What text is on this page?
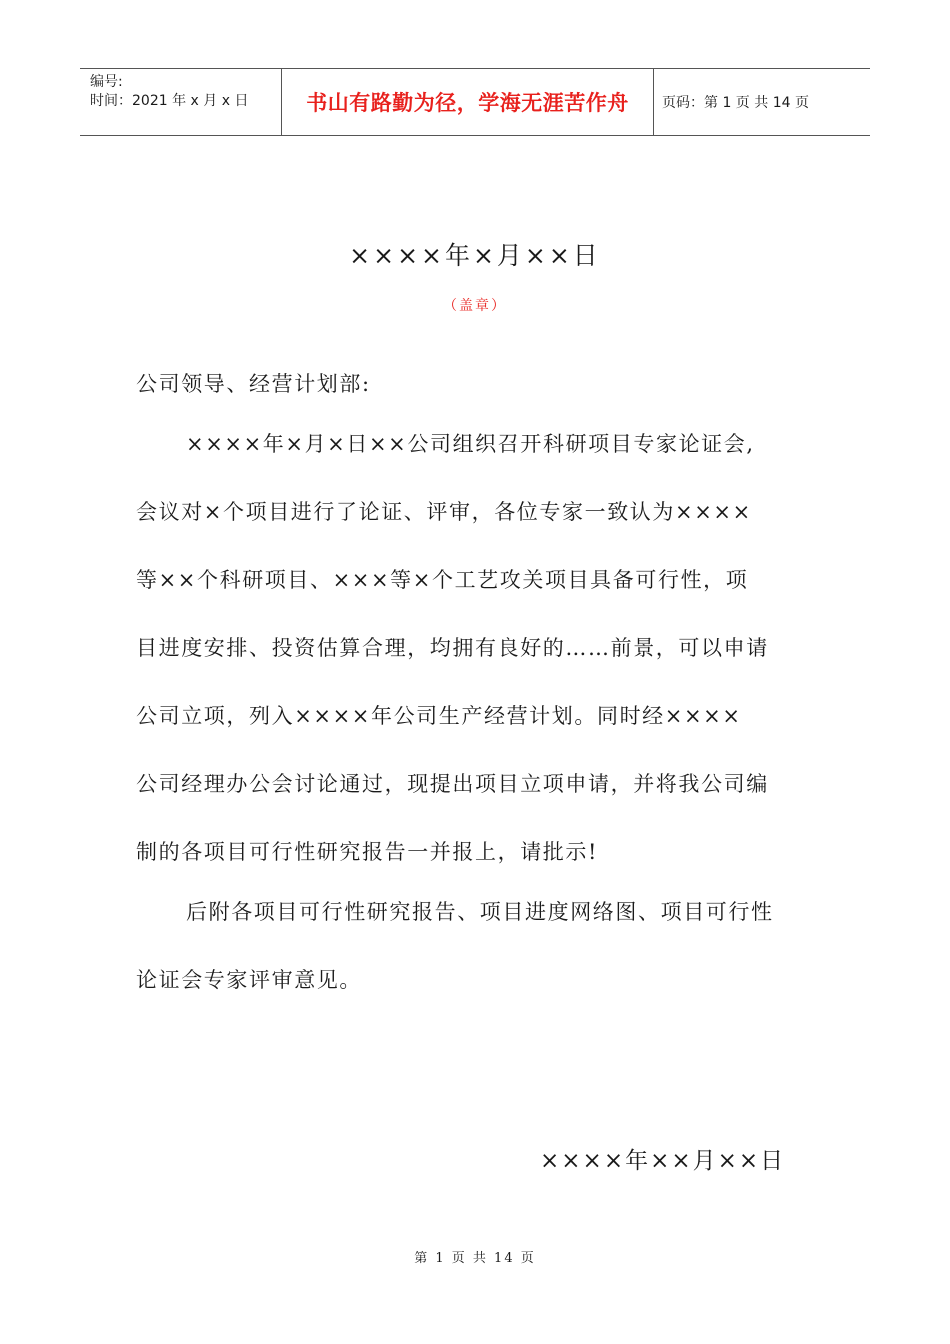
编号:
时间：2021 年 x 月 x 日	书山有路勤为径，学海无涯苦作舟	页码：第 1 页 共 14 页
××××年×月××日
（盖章）
公司领导、经营计划部:
××××年×月×日××公司组织召开科研项目专家论证会,
会议对×个项目进行了论证、评审，各位专家一致认为××××
等××个科研项目、×××等×个工艺攻关项目具备可行性，项
目进度安排、投资估算合理，均拥有良好的……前景，可以申请
公司立项，列入××××年公司生产经营计划。同时经××××
公司经理办公会讨论通过，现提出项目立项申请，并将我公司编
制的各项目可行性研究报告一并报上，请批示!
后附各项目可行性研究报告、项目进度网络图、项目可行性
论证会专家评审意见。
××××年××月××日
第 1 页 共 14 页
